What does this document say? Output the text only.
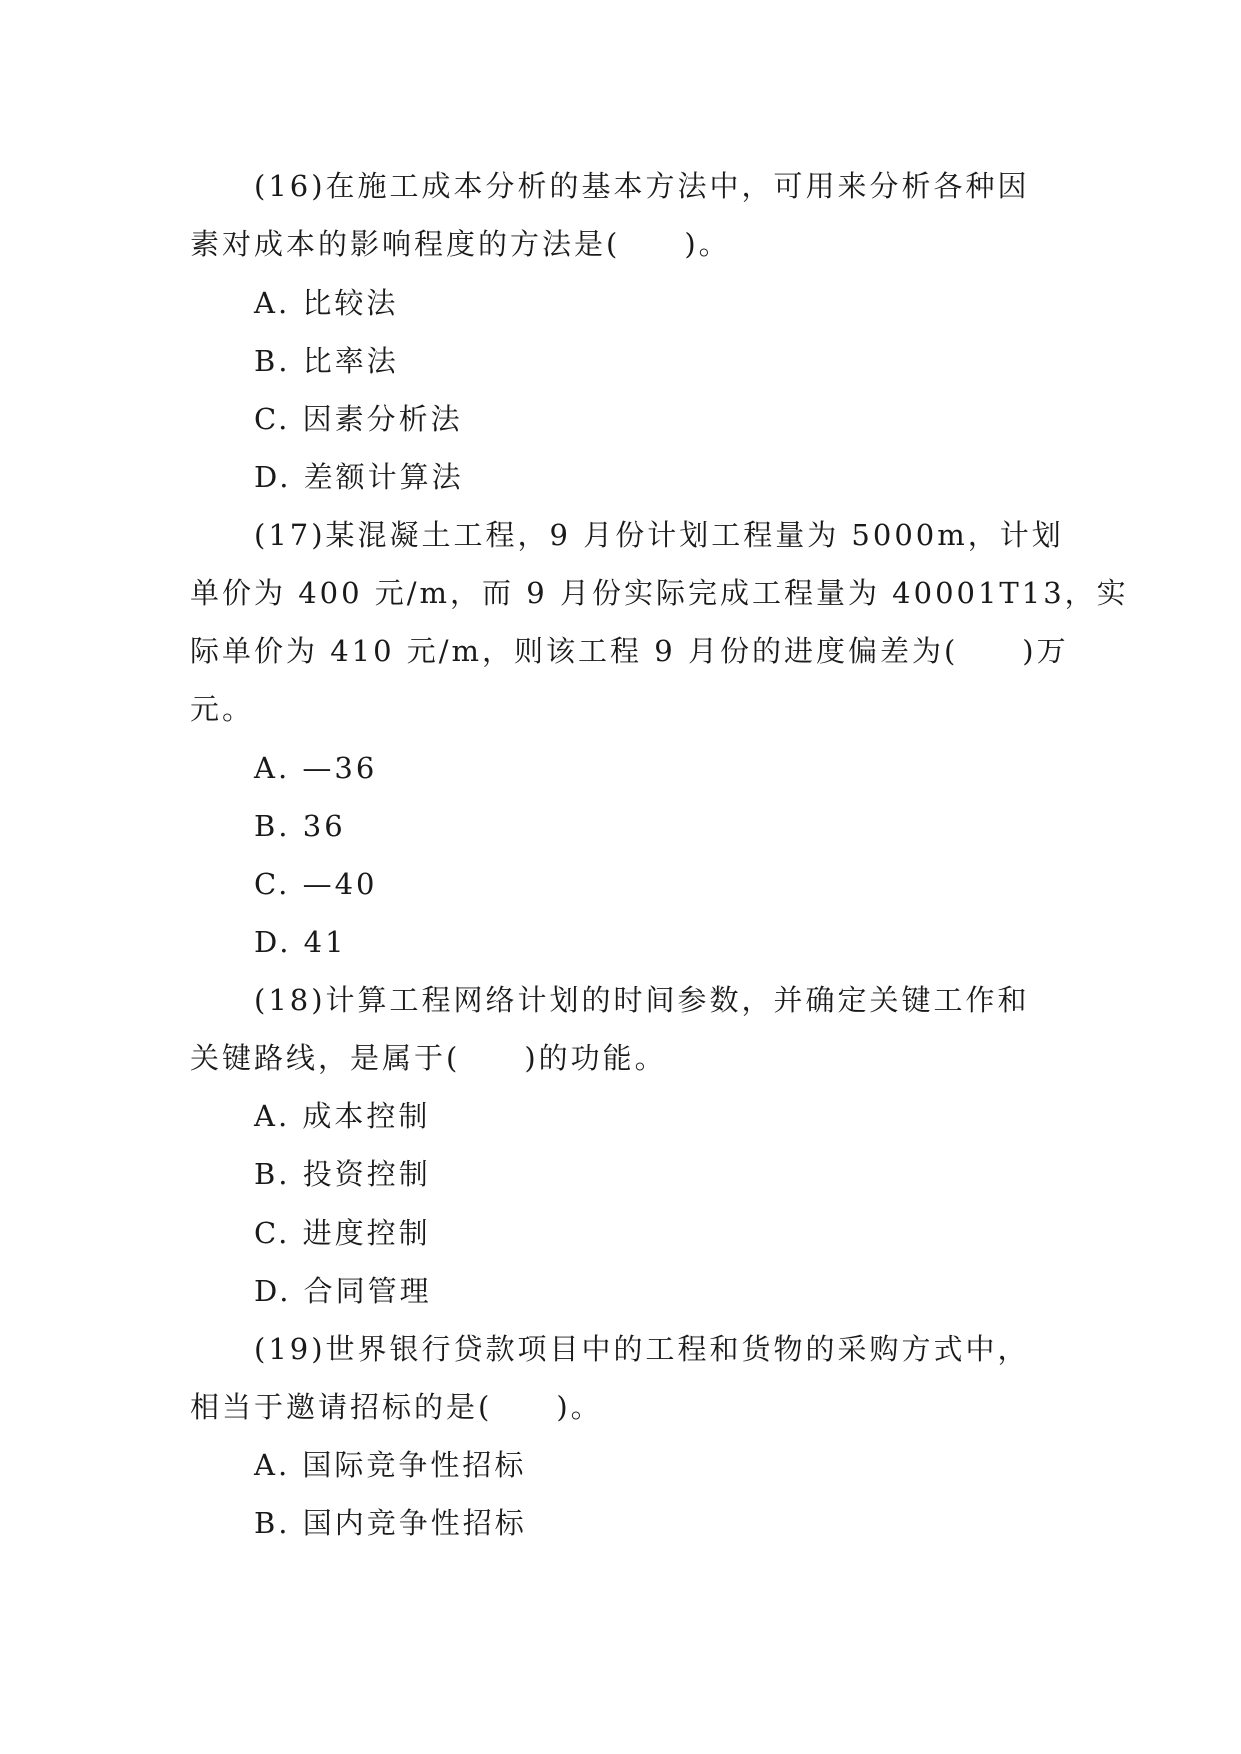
(16)在施工成本分析的基本方法中，可用来分析各种因
素对成本的影响程度的方法是(　　)。
A. 比较法
B. 比率法
C. 因素分析法
D. 差额计算法
(17)某混凝土工程，9 月份计划工程量为 5000m，计划
单价为 400 元/m，而 9 月份实际完成工程量为 40001T13，实
际单价为 410 元/m，则该工程 9 月份的进度偏差为(　　)万
元。
A. —36
B. 36
C. —40
D. 41
(18)计算工程网络计划的时间参数，并确定关键工作和
关键路线，是属于(　　)的功能。
A. 成本控制
B. 投资控制
C. 进度控制
D. 合同管理
(19)世界银行贷款项目中的工程和货物的采购方式中，
相当于邀请招标的是(　　)。
A. 国际竞争性招标
B. 国内竞争性招标
